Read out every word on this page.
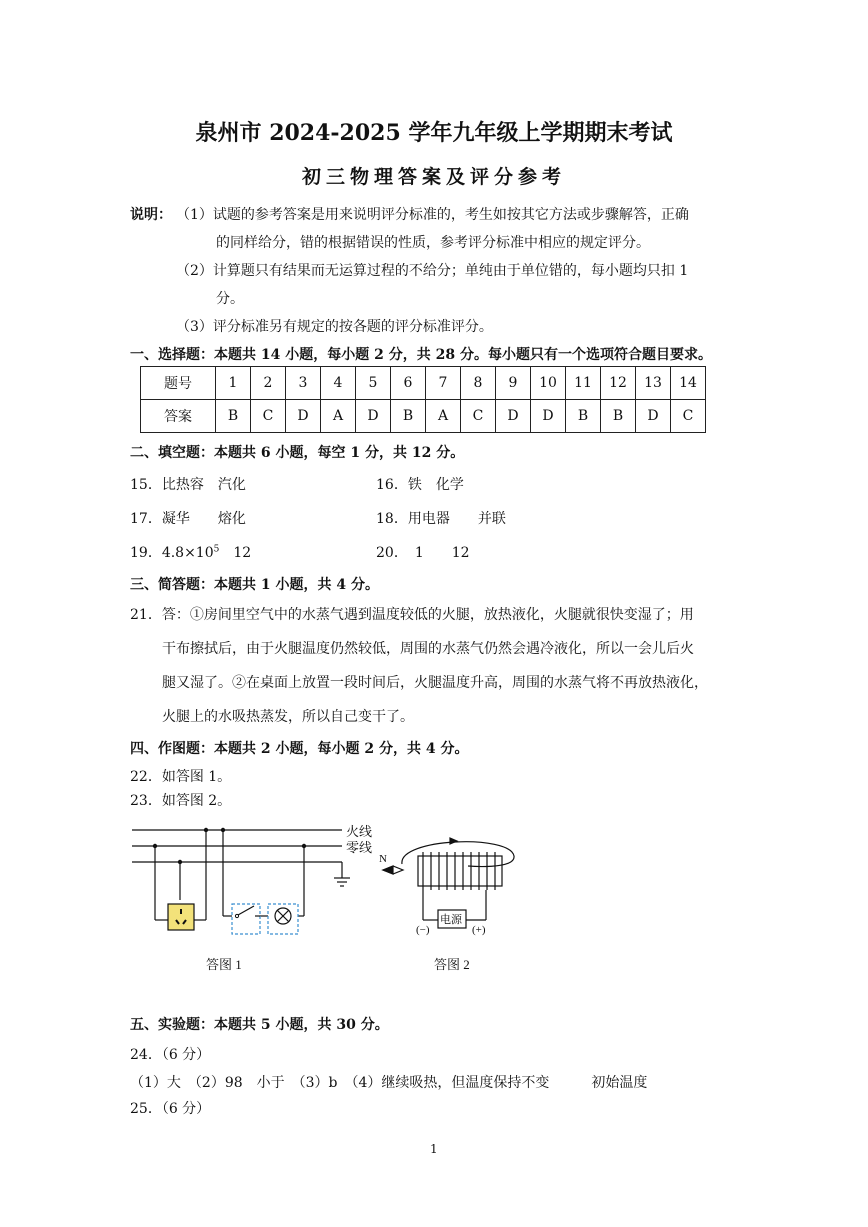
泉州市 2024-2025 学年九年级上学期期末考试
初三物理答案及评分参考
说明： （1）试题的参考答案是用来说明评分标准的，考生如按其它方法或步骤解答，正确
的同样给分，错的根据错误的性质，参考评分标准中相应的规定评分。
（2）计算题只有结果而无运算过程的不给分；单纯由于单位错的，每小题均只扣 1
分。
（3）评分标准另有规定的按各题的评分标准评分。
一、选择题：本题共 14 小题，每小题 2 分，共 28 分。每小题只有一个选项符合题目要求。
题号	1	2	3	4	5	6	7	8	9	10	11	12	13	14
答案	B	C	D	A	D	B	A	C	D	D	B	B	D	C
二、填空题：本题共 6 小题，每空 1 分，共 12 分。
15．比热容　汽化	16．铁　化学
17．凝华　　熔化	18．用电器　　并联
19．$4.8\times 10^5$　12	20．　1　　12
三、简答题：本题共 1 小题，共 4 分。
21．答：①房间里空气中的水蒸气遇到温度较低的火腿，放热液化，火腿就很快变湿了；用
干布擦拭后，由于火腿温度仍然较低，周围的水蒸气仍然会遇冷液化，所以一会儿后火
腿又湿了。②在桌面上放置一段时间后，火腿温度升高，周围的水蒸气将不再放热液化，
火腿上的水吸热蒸发，所以自己变干了。
四、作图题：本题共 2 小题，每小题 2 分，共 4 分。
22．如答图 1。
23．如答图 2。
火线
零线
答图 1
N
电源
(−)	(+)
答图 2
五、实验题：本题共 5 小题，共 30 分。
24．（6 分）
（1）大　（2）98　小于　（3）b　（4）继续吸热，但温度保持不变　　　初始温度
25．（6 分）
1
